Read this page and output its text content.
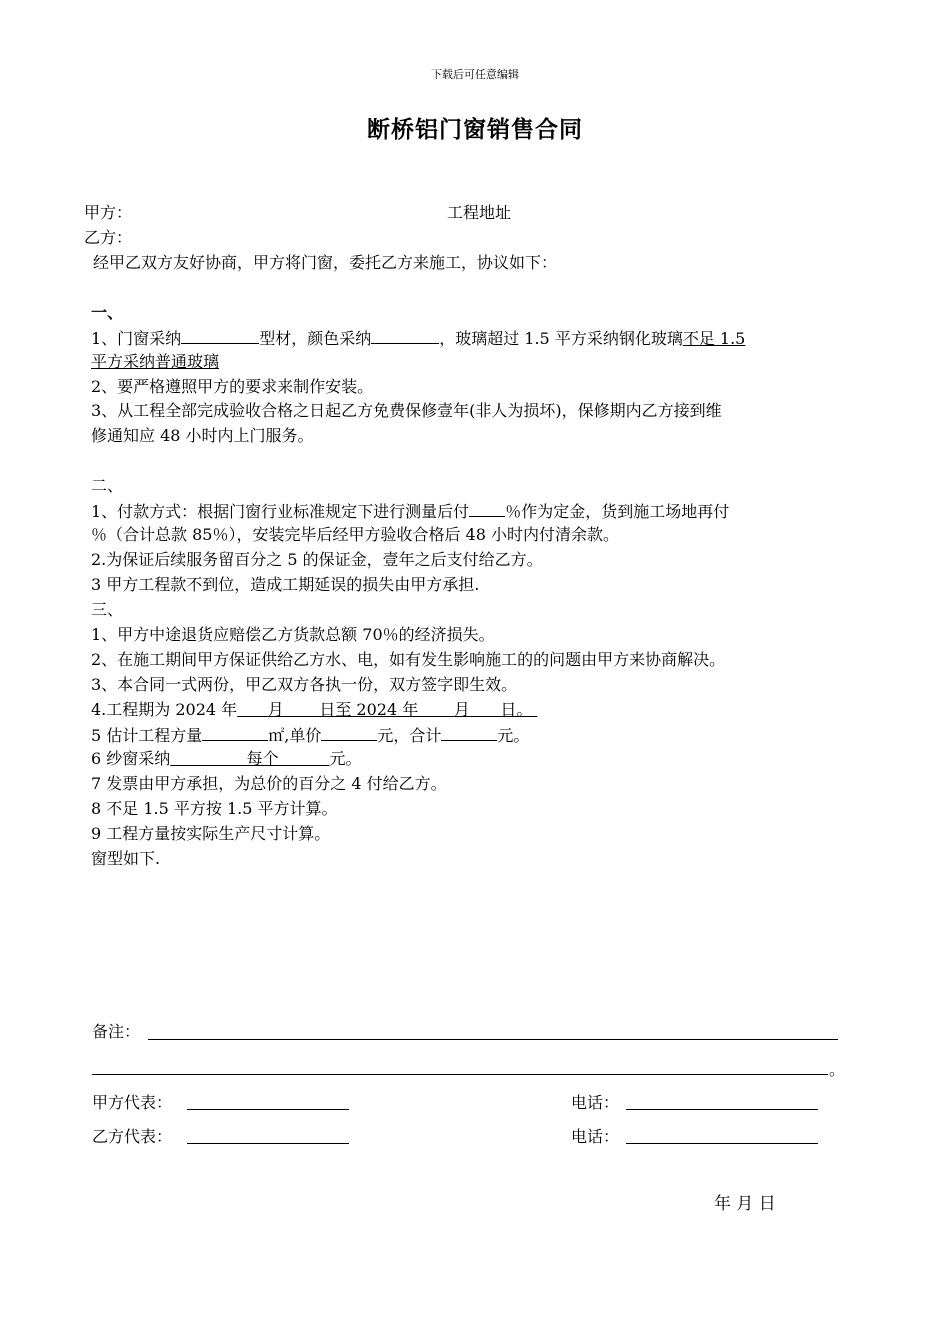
下载后可任意编辑
断桥铝门窗销售合同
甲方：	工程地址
乙方：
经甲乙双方友好协商，甲方将门窗，委托乙方来施工，协议如下：
一、
1、门窗采纳	型材，颜色采纳	，玻璃超过 1.5 平方采纳钢化玻璃不足 1.5
平方采纳普通玻璃
2、要严格遵照甲方的要求来制作安装。
3、从工程全部完成验收合格之日起乙方免费保修壹年(非人为损坏)，保修期内乙方接到维
修通知应 48 小时内上门服务。
二、
1、付款方式：根据门窗行业标准规定下进行测量后付 ％作为定金，货到施工场地再付
％（合计总款 85％），安装完毕后经甲方验收合格后 48 小时内付清余款。
2.为保证后续服务留百分之 5 的保证金，壹年之后支付给乙方。
3 甲方工程款不到位，造成工期延误的损失由甲方承担.
三、
1、甲方中途退货应赔偿乙方货款总额 70％的经济损失。
2、在施工期间甲方保证供给乙方水、电，如有发生影响施工的的问题由甲方来协商解决。
3、本合同一式两份，甲乙双方各执一份，双方签字即生效。
4.工程期为 2024 年 月 日至 2024 年 月 日。
5 估计工程方量	㎡,单价	元，合计	元。
6 纱窗采纳	每个	元。
7 发票由甲方承担，为总价的百分之 4 付给乙方。
8 不足 1.5 平方按 1.5 平方计算。
9 工程方量按实际生产尺寸计算。
窗型如下.
备注：
。
甲方代表：	电话：
乙方代表：	电话：
年 月 日
